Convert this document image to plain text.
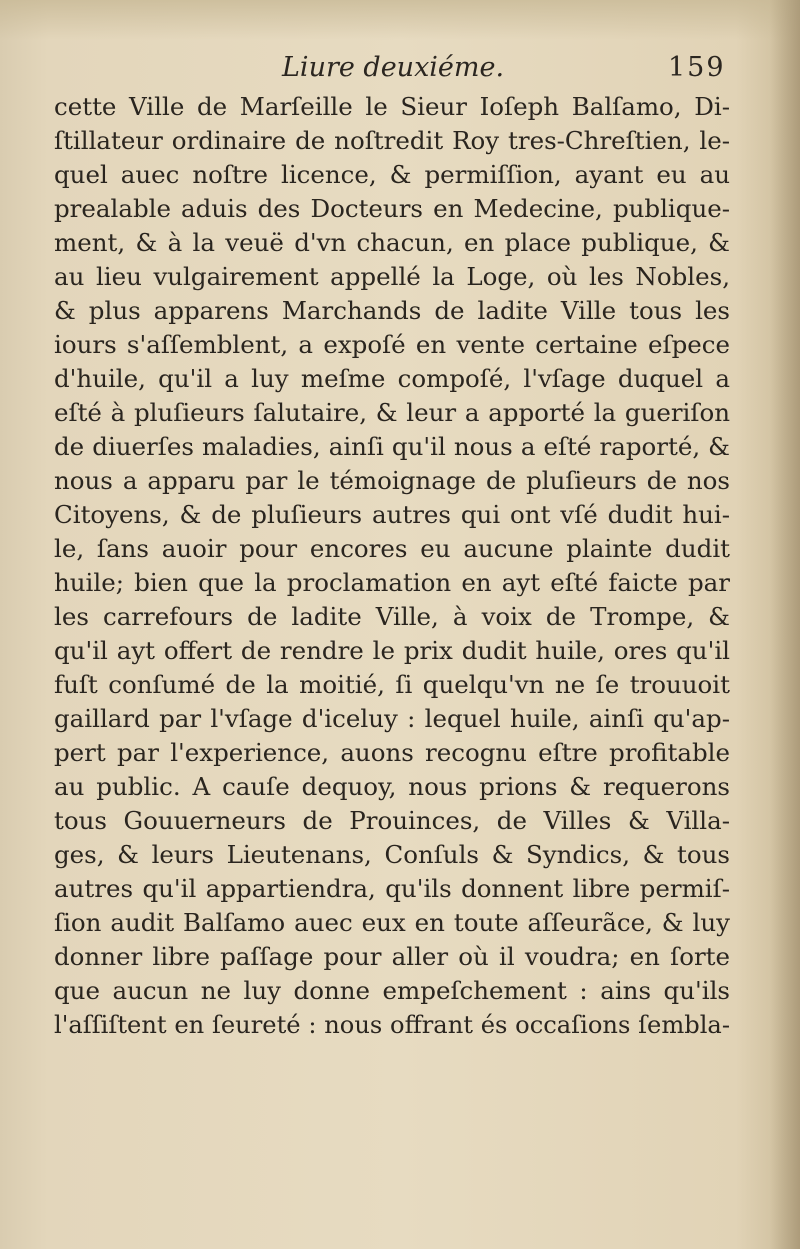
Liure deuxiéme.	159
cette Ville de Marſeille le Sieur Ioſeph Balſamo, Di-
ſtillateur ordinaire de noſtredit Roy tres-Chreſtien, le-
quel auec noſtre licence, & permiſſion, ayant eu au
prealable aduis des Docteurs en Medecine, publique-
ment, & à la veuë d'vn chacun, en place publique, &
au lieu vulgairement appellé la Loge, où les Nobles,
& plus apparens Marchands de ladite Ville tous les
iours s'aſſemblent, a expoſé en vente certaine eſpece
d'huile, qu'il a luy meſme compoſé, l'vſage duquel a
eſté à pluſieurs ſalutaire, & leur a apporté la gueriſon
de diuerſes maladies, ainſi qu'il nous a eſté raporté, &
nous a apparu par le témoignage de pluſieurs de nos
Citoyens, & de pluſieurs autres qui ont vſé dudit hui-
le, ſans auoir pour encores eu aucune plainte dudit
huile; bien que la proclamation en ayt eſté faicte par
les carrefours de ladite Ville, à voix de Trompe, &
qu'il ayt offert de rendre le prix dudit huile, ores qu'il
fuſt conſumé de la moitié, ſi quelqu'vn ne ſe trouuoit
gaillard par l'vſage d'iceluy : lequel huile, ainſi qu'ap-
pert par l'experience, auons recognu eſtre profitable
au public. A cauſe dequoy, nous prions & requerons
tous Gouuerneurs de Prouinces, de Villes & Villa-
ges, & leurs Lieutenans, Conſuls & Syndics, & tous
autres qu'il appartiendra, qu'ils donnent libre permiſ-
ſion audit Balſamo auec eux en toute aſſeurãce, & luy
donner libre paſſage pour aller où il voudra; en ſorte
que aucun ne luy donne empeſchement : ains qu'ils
l'aſſiſtent en ſeureté : nous offrant és occaſions ſembla-
